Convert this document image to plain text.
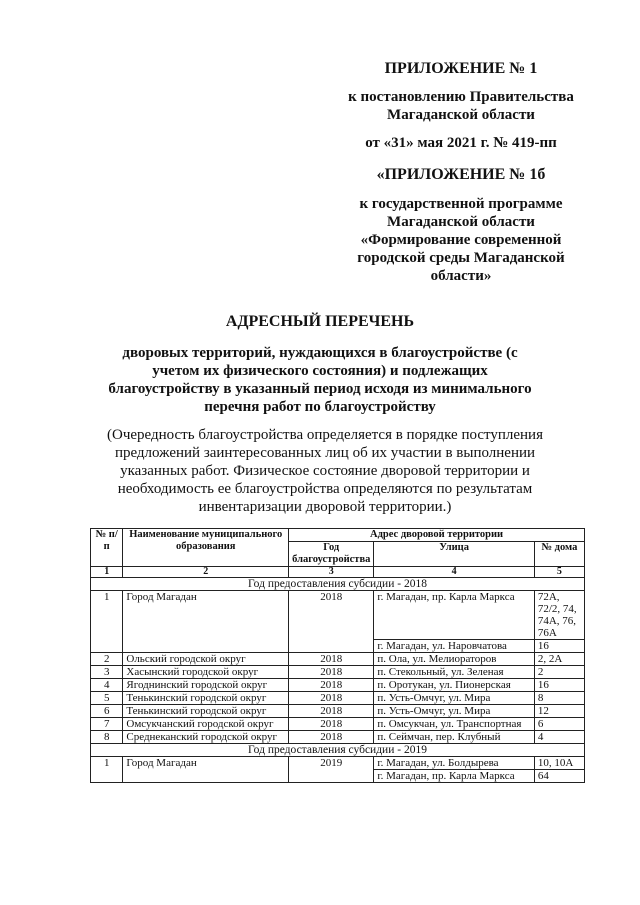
ПРИЛОЖЕНИЕ № 1
к постановлению Правительства Магаданской области
от «31» мая 2021 г. № 419-пп
«ПРИЛОЖЕНИЕ № 1б
к государственной программе Магаданской области «Формирование современной городской среды Магаданской области»
АДРЕСНЫЙ ПЕРЕЧЕНЬ
дворовых территорий, нуждающихся в благоустройстве (с учетом их физического состояния) и подлежащих благоустройству в указанный период исходя из минимального перечня работ по благоустройству
(Очередность благоустройства определяется в порядке поступления предложений заинтересованных лиц об их участии в выполнении указанных работ. Физическое состояние дворовой территории и необходимость ее благоустройства определяются по результатам инвентаризации дворовой территории.)
№ п/п	Наименование муниципального образования	Адрес дворовой территории		
		Год благоустройства	Улица	№ дома
1	2	3	4	5
Год предоставления субсидии - 2018				
1	Город Магадан	2018	г. Магадан, пр. Карла Маркса	72А, 72/2, 74, 74А, 76, 76А
			г. Магадан, ул. Наровчатова	16
2	Ольский городской округ	2018	п. Ола, ул. Мелиораторов	2, 2А
3	Хасынский городской округ	2018	п. Стекольный, ул. Зеленая	2
4	Ягоднинский городской округ	2018	п. Оротукан, ул. Пионерская	16
5	Тенькинский городской округ	2018	п. Усть-Омчуг, ул. Мира	8
6	Тенькинский городской округ	2018	п. Усть-Омчуг, ул. Мира	12
7	Омсукчанский городской округ	2018	п. Омсукчан, ул. Транспортная	6
8	Среднеканский городской округ	2018	п. Сеймчан, пер. Клубный	4
Год предоставления субсидии - 2019				
1	Город Магадан	2019	г. Магадан, ул. Болдырева	10, 10А
			г. Магадан, пр. Карла Маркса	64
